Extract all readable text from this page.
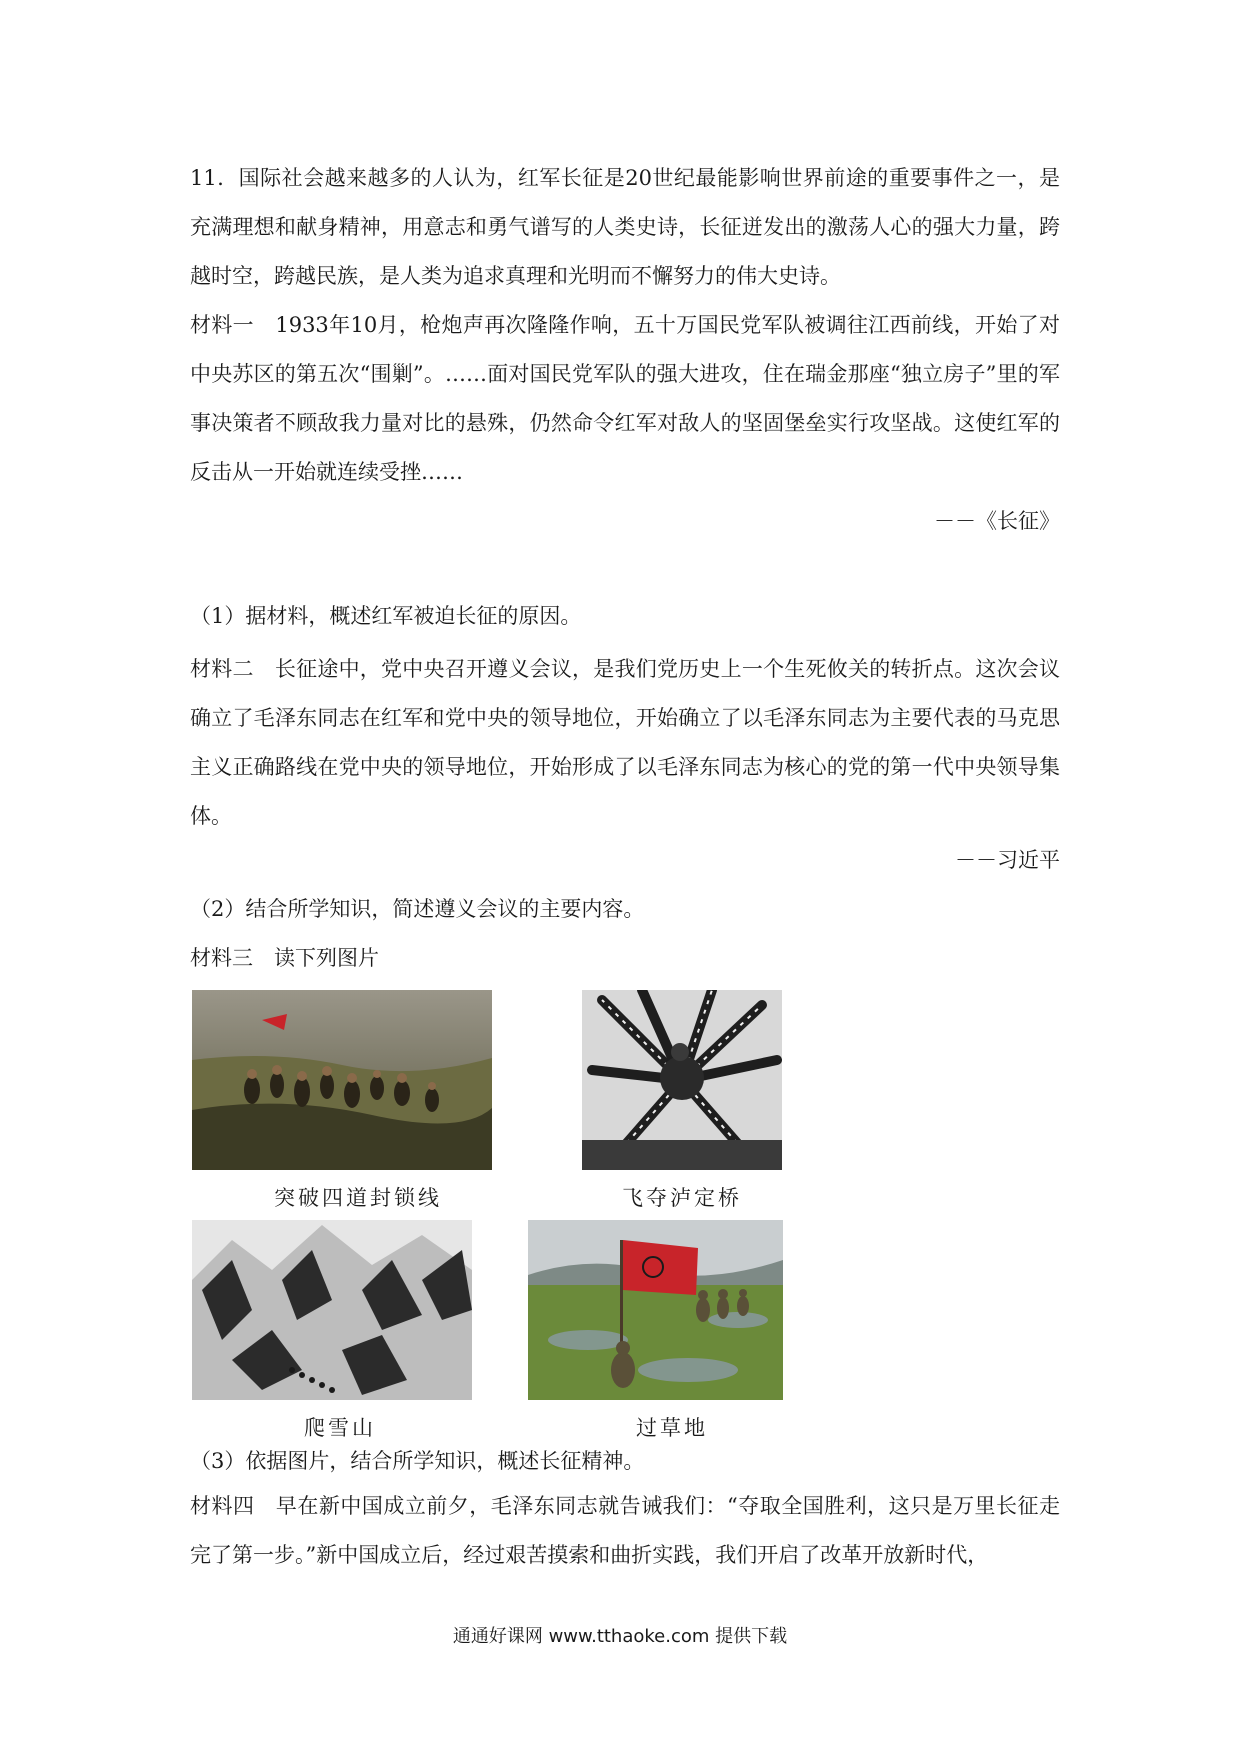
11．国际社会越来越多的人认为，红军长征是20世纪最能影响世界前途的重要事件之一，是充满理想和献身精神，用意志和勇气谱写的人类史诗，长征迸发出的激荡人心的强大力量，跨越时空，跨越民族，是人类为追求真理和光明而不懈努力的伟大史诗。

材料一　1933年10月，枪炮声再次隆隆作响，五十万国民党军队被调往江西前线，开始了对中央苏区的第五次“围剿”。……面对国民党军队的强大进攻，住在瑞金那座“独立房子”里的军事决策者不顾敌我力量对比的悬殊，仍然命令红军对敌人的坚固堡垒实行攻坚战。这使红军的反击从一开始就连续受挫……

－－《长征》
（1）据材料，概述红军被迫长征的原因。

材料二　长征途中，党中央召开遵义会议，是我们党历史上一个生死攸关的转折点。这次会议确立了毛泽东同志在红军和党中央的领导地位，开始确立了以毛泽东同志为主要代表的马克思主义正确路线在党中央的领导地位，开始形成了以毛泽东同志为核心的党的第一代中央领导集体。

－－习近平
（2）结合所学知识，简述遵义会议的主要内容。
材料三　读下列图片
突破四道封锁线	飞夺泸定桥
爬雪山	过草地
（3）依据图片，结合所学知识，概述长征精神。

材料四　早在新中国成立前夕，毛泽东同志就告诫我们：“夺取全国胜利，这只是万里长征走完了第一步。”新中国成立后，经过艰苦摸索和曲折实践，我们开启了改革开放新时代，

通通好课网 www.tthaoke.com 提供下载
